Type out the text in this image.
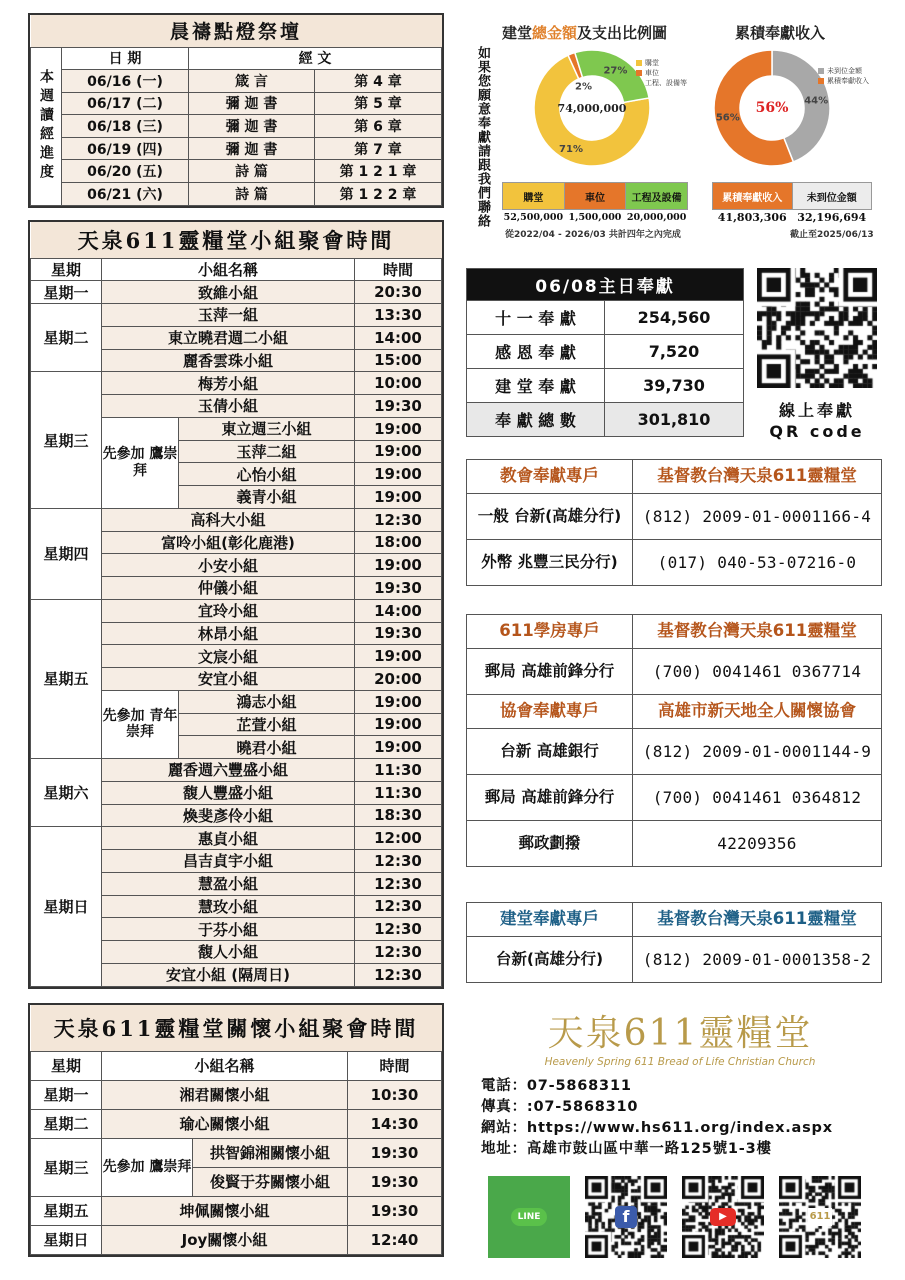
晨禱點燈祭壇			
本週讀經進度	日 期	經 文	
	06/16 (一)	箴 言	第 4 章
	06/17 (二)	彌 迦 書	第 5 章
	06/18 (三)	彌 迦 書	第 6 章
	06/19 (四)	彌 迦 書	第 7 章
	06/20 (五)	詩 篇	第 1 2 1 章
	06/21 (六)	詩 篇	第 1 2 2 章
天泉611靈糧堂小組聚會時間			
星期	小組名稱		時間
星期一	致維小組		20:30
星期二	玉萍一組		13:30
	東立曉君週二小組		14:00
	麗香雲珠小組		15:00
星期三	梅芳小組		10:00
	玉倩小組		19:30
	先參加 鷹崇拜	東立週三小組	19:00
		玉萍二組	19:00
		心怡小組	19:00
		義青小組	19:00
星期四	高科大小組		12:30
	富呤小組(彰化鹿港)		18:00
	小安小組		19:00
	仲儀小組		19:30
星期五	宜玲小組		14:00
	林昂小組		19:30
	文宸小組		19:00
	安宜小組		20:00
	先參加 青年崇拜	鴻志小組	19:00
		芷萱小組	19:00
		曉君小組	19:00
星期六	麗香週六豐盛小組		11:30
	馥人豐盛小組		11:30
	煥斐彥伶小組		18:30
星期日	惠貞小組		12:00
	昌吉貞宇小組		12:30
	慧盈小組		12:30
	慧玫小組		12:30
	于芬小組		12:30
	馥人小組		12:30
	安宜小組 (隔周日)		12:30
天泉611靈糧堂關懷小組聚會時間			
星期	小組名稱		時間
星期一	湘君關懷小組		10:30
星期二	瑜心關懷小組		14:30
星期三	先參加 鷹崇拜	拱智錦湘關懷小組	19:30
		俊賢于芬關懷小組	19:30
星期五	坤佩關懷小組		19:30
星期日	Joy關懷小組		12:40
如果您願意奉獻請跟我們聯絡
建堂總金額及支出比例圖	累積奉獻收入
71%
2%
27%
74,000,000
44%
56%
56%
購堂
車位
工程、設備等
未到位金額
累積奉獻收入
購堂	車位	工程及設備
52,500,000	1,500,000	20,000,000
從2022/04 - 2026/03 共計四年之內完成
累積奉獻收入	未到位金額
41,803,306	32,196,694
截止至2025/06/13
06/08主日奉獻	
十 一 奉 獻	254,560
感 恩 奉 獻	7,520
建 堂 奉 獻	39,730
奉 獻 總 數	301,810	線上奉獻
QR code
教會奉獻專戶	基督教台灣天泉611靈糧堂
一般 台新(高雄分行)	(812) 2009-01-0001166-4
外幣 兆豐三民分行)	(017) 040-53-07216-0
611學房專戶	基督教台灣天泉611靈糧堂
郵局 高雄前鋒分行	(700) 0041461 0367714
協會奉獻專戶	高雄市新天地全人關懷協會
台新 高雄銀行	(812) 2009-01-0001144-9
郵局 高雄前鋒分行	(700) 0041461 0364812
郵政劃撥	42209356
建堂奉獻專戶	基督教台灣天泉611靈糧堂
台新(高雄分行)	(812) 2009-01-0001358-2
天泉611靈糧堂
Heavenly Spring 611 Bread of Life Christian Church
電話：07-5868311
傳真：:07-5868310
網站：https://www.hs611.org/index.aspx
地址：高雄市鼓山區中華一路125號1-3樓
LINE	f	▶	611
